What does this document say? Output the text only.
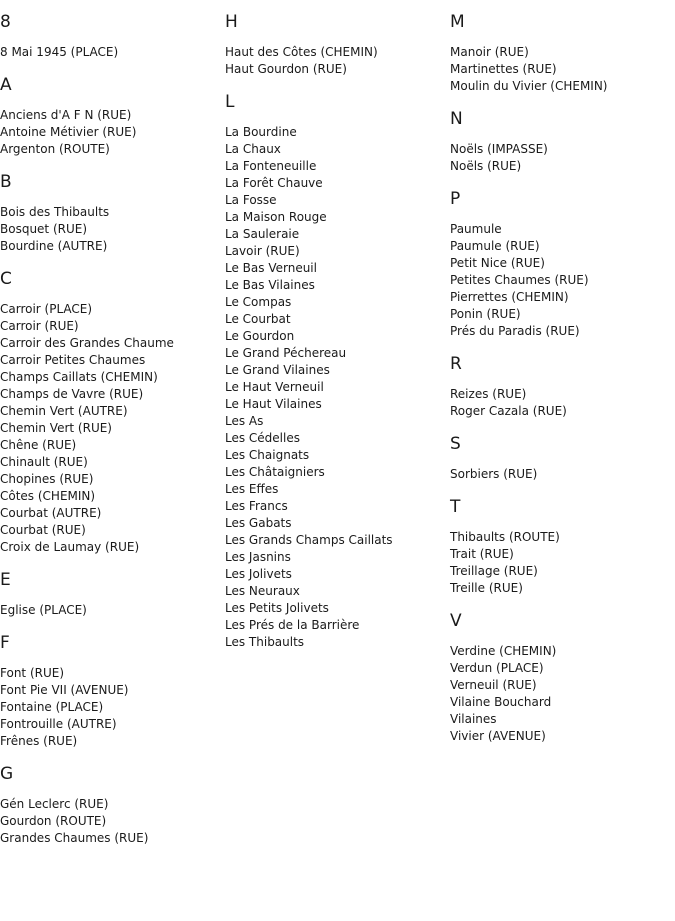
8
8 Mai 1945 (PLACE)
A
Anciens d'A F N (RUE)
Antoine Métivier (RUE)
Argenton (ROUTE)
B
Bois des Thibaults
Bosquet (RUE)
Bourdine (AUTRE)
C
Carroir (PLACE)
Carroir (RUE)
Carroir des Grandes Chaume
Carroir Petites Chaumes
Champs Caillats (CHEMIN)
Champs de Vavre (RUE)
Chemin Vert (AUTRE)
Chemin Vert (RUE)
Chêne (RUE)
Chinault (RUE)
Chopines (RUE)
Côtes (CHEMIN)
Courbat (AUTRE)
Courbat (RUE)
Croix de Laumay (RUE)
E
Eglise (PLACE)
F
Font (RUE)
Font Pie VII (AVENUE)
Fontaine (PLACE)
Fontrouille (AUTRE)
Frênes (RUE)
G
Gén Leclerc (RUE)
Gourdon (ROUTE)
Grandes Chaumes (RUE)
H
Haut des Côtes (CHEMIN)
Haut Gourdon (RUE)
L
La Bourdine
La Chaux
La Fonteneuille
La Forêt Chauve
La Fosse
La Maison Rouge
La Sauleraie
Lavoir (RUE)
Le Bas Verneuil
Le Bas Vilaines
Le Compas
Le Courbat
Le Gourdon
Le Grand Péchereau
Le Grand Vilaines
Le Haut Verneuil
Le Haut Vilaines
Les As
Les Cédelles
Les Chaignats
Les Châtaigniers
Les Effes
Les Francs
Les Gabats
Les Grands Champs Caillats
Les Jasnins
Les Jolivets
Les Neuraux
Les Petits Jolivets
Les Prés de la Barrière
Les Thibaults
M
Manoir (RUE)
Martinettes (RUE)
Moulin du Vivier (CHEMIN)
N
Noëls (IMPASSE)
Noëls (RUE)
P
Paumule
Paumule (RUE)
Petit Nice (RUE)
Petites Chaumes (RUE)
Pierrettes (CHEMIN)
Ponin (RUE)
Prés du Paradis (RUE)
R
Reizes (RUE)
Roger Cazala (RUE)
S
Sorbiers (RUE)
T
Thibaults (ROUTE)
Trait (RUE)
Treillage (RUE)
Treille (RUE)
V
Verdine (CHEMIN)
Verdun (PLACE)
Verneuil (RUE)
Vilaine Bouchard
Vilaines
Vivier (AVENUE)
